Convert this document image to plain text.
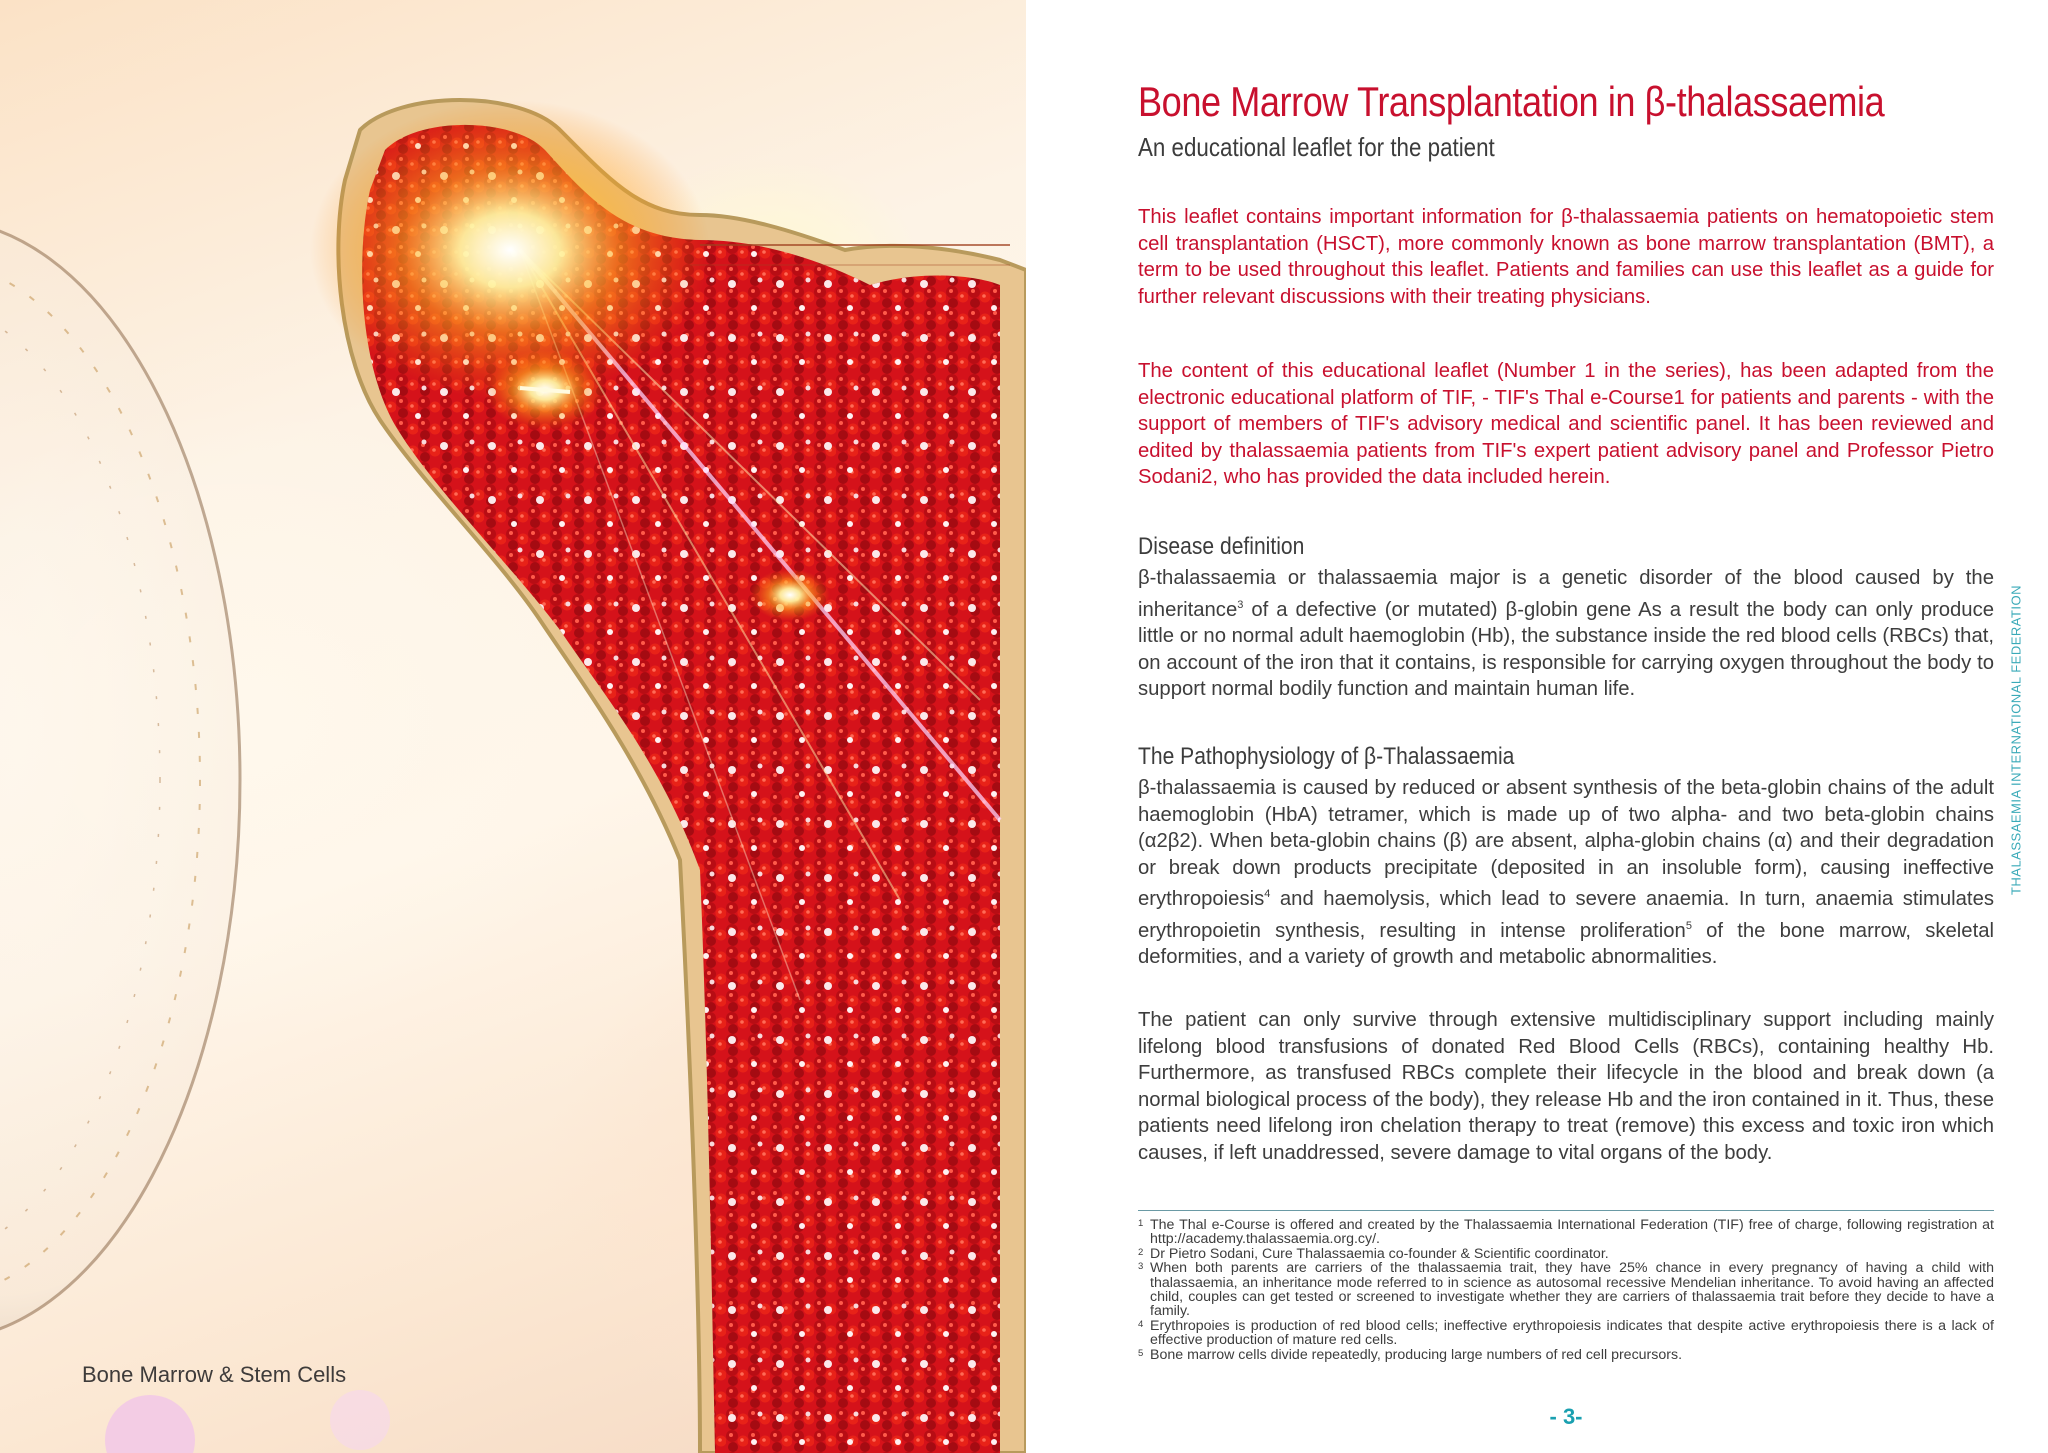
Bone Marrow & Stem Cells
Bone Marrow Transplantation in β-thalassaemia
An educational leaflet for the patient

This leaflet contains important information for β-thalassaemia patients on hematopoietic stem cell transplantation (HSCT), more commonly known as bone marrow transplantation (BMT), a term to be used throughout this leaflet. Patients and families can use this leaflet as a guide for further relevant discussions with their treating physicians.

The content of this educational leaflet (Number 1 in the series), has been adapted from the electronic educational platform of TIF, - TIF's Thal e-Course1 for patients and parents - with the support of members of TIF's advisory medical and scientific panel. It has been reviewed and edited by thalassaemia patients from TIF's expert patient advisory panel and Professor Pietro Sodani2, who has provided the data included herein.

Disease definition

β-thalassaemia or thalassaemia major is a genetic disorder of the blood caused by the inheritance$^3$ of a defective (or mutated) β-globin gene As a result the body can only produce little or no normal adult haemoglobin (Hb), the substance inside the red blood cells (RBCs) that, on account of the iron that it contains, is responsible for carrying oxygen throughout the body to support normal bodily function and maintain human life.

The Pathophysiology of β-Thalassaemia

β-thalassaemia is caused by reduced or absent synthesis of the beta-globin chains of the adult haemoglobin (HbA) tetramer, which is made up of two alpha- and two beta-globin chains (α2β2). When beta-globin chains (β) are absent, alpha-globin chains (α) and their degradation or break down products precipitate (deposited in an insoluble form), causing ineffective erythropoiesis$^4$ and haemolysis, which lead to severe anaemia. In turn, anaemia stimulates erythropoietin synthesis, resulting in intense proliferation$^5$ of the bone marrow, skeletal deformities, and a variety of growth and metabolic abnormalities.

The patient can only survive through extensive multidisciplinary support including mainly lifelong blood transfusions of donated Red Blood Cells (RBCs), containing healthy Hb. Furthermore, as transfused RBCs complete their lifecycle in the blood and break down (a normal biological process of the body), they release Hb and the iron contained in it. Thus, these patients need lifelong iron chelation therapy to treat (remove) this excess and toxic iron which causes, if left unaddressed, severe damage to vital organs of the body.

1 The Thal e-Course is offered and created by the Thalassaemia International Federation (TIF) free of charge, following registration at http://academy.thalassaemia.org.cy/.
2 Dr Pietro Sodani, Cure Thalassaemia co-founder & Scientific coordinator.
3 When both parents are carriers of the thalassaemia trait, they have 25% chance in every pregnancy of having a child with thalassaemia, an inheritance mode referred to in science as autosomal recessive Mendelian inheritance. To avoid having an affected child, couples can get tested or screened to investigate whether they are carriers of thalassaemia trait before they decide to have a family.
4 Erythropoies is production of red blood cells; ineffective erythropoiesis indicates that despite active erythropoiesis there is a lack of effective production of mature red cells.
5 Bone marrow cells divide repeatedly, producing large numbers of red cell precursors.
- 3-
THALASSAEMIA INTERNATIONAL FEDERATION
